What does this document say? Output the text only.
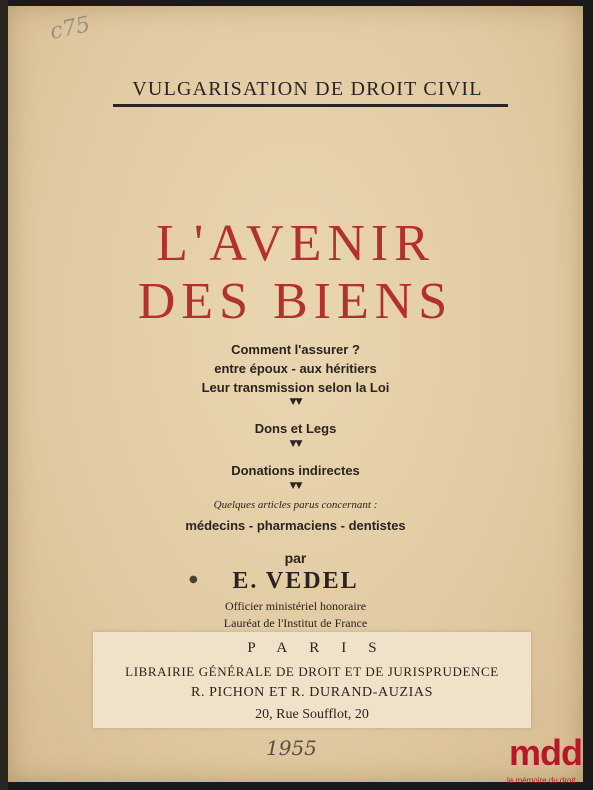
c75
VULGARISATION DE DROIT CIVIL
L'AVENIR
DES BIENS
Comment l'assurer ?
entre époux - aux héritiers
Leur transmission selon la Loi
▼▼
Dons et Legs
▼▼
Donations indirectes
▼▼
Quelques articles parus concernant :
médecins - pharmaciens - dentistes
par
●	E. VEDEL
Officier ministériel honoraire
Lauréat de l'Institut de France
PARIS
LIBRAIRIE GÉNÉRALE DE DROIT ET DE JURISPRUDENCE
R. PICHON ET R. DURAND-AUZIAS
20, Rue Soufflot, 20
1955	mdd
la mémoire du droit
